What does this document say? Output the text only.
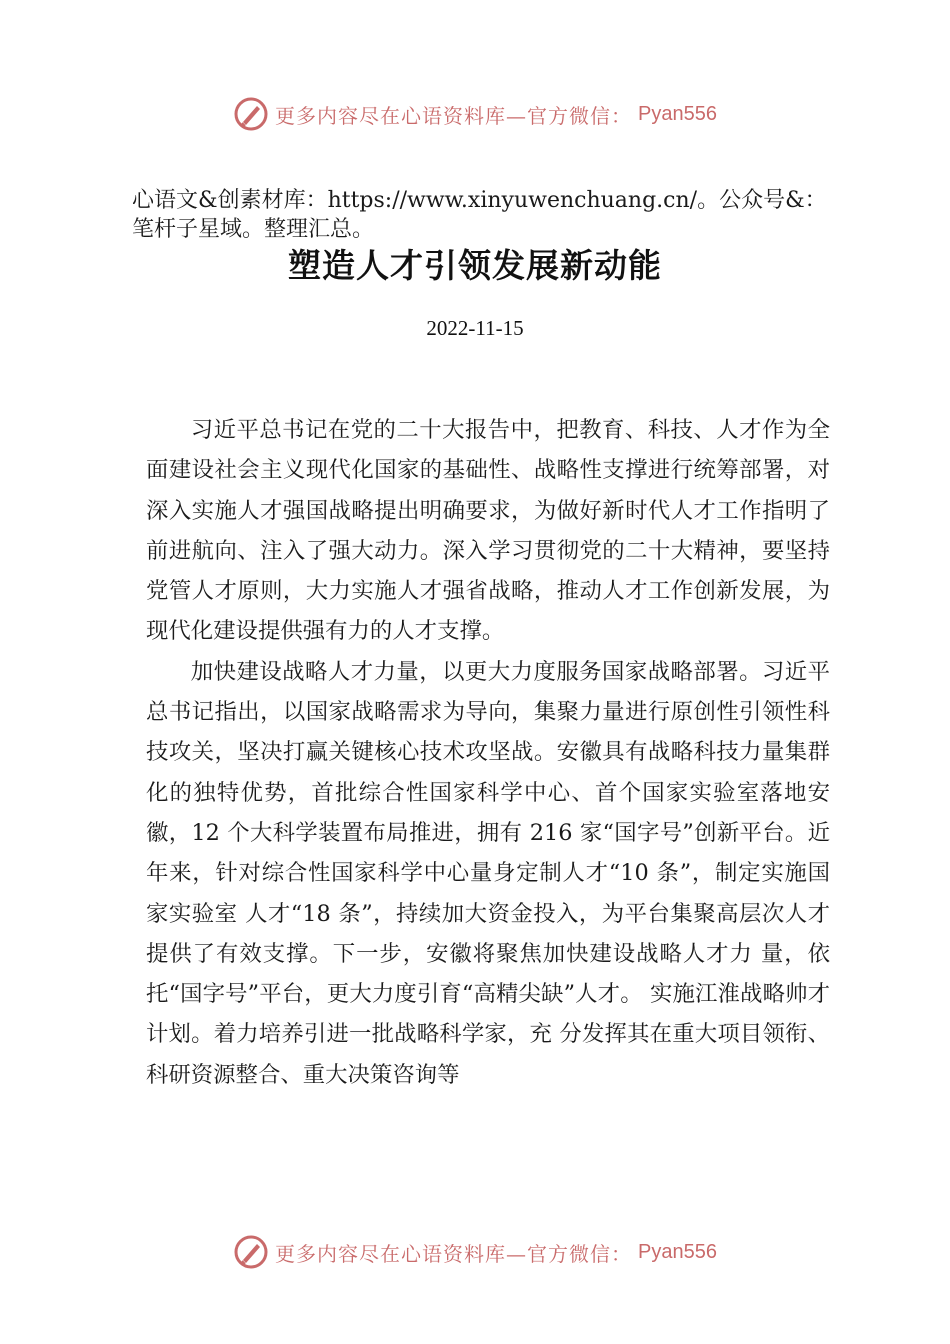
更多内容尽在心语资料库—官方微信： Pyan556
心语文&创素材库：https://www.xinyuwenchuang.cn/。公众号&：笔杆子星域。整理汇总。
塑造人才引领发展新动能
2022-11-15

习近平总书记在党的二十大报告中，把教育、科技、人才作为全面建设社会主义现代化国家的基础性、战略性支撑进行统筹部署，对深入实施人才强国战略提出明确要求，为做好新时代人才工作指明了前进航向、注入了强大动力。深入学习贯彻党的二十大精神，要坚持党管人才原则，大力实施人才强省战略，推动人才工作创新发展，为现代化建设提供强有力的人才支撑。

加快建设战略人才力量，以更大力度服务国家战略部署。习近平总书记指出，以国家战略需求为导向，集聚力量进行原创性引领性科技攻关，坚决打赢关键核心技术攻坚战。安徽具有战略科技力量集群化的独特优势，首批综合性国家科学中心、首个国家实验室落地安徽，12 个大科学装置布局推进，拥有 216 家“国字号”创新平台。近年来，针对综合性国家科学中心量身定制人才“10 条”，制定实施国家实验室 人才“18 条”，持续加大资金投入，为平台集聚高层次人才 提供了有效支撑。下一步，安徽将聚焦加快建设战略人才力 量，依托“国字号”平台，更大力度引育“高精尖缺”人才。 实施江淮战略帅才计划。着力培养引进一批战略科学家，充 分发挥其在重大项目领衔、科研资源整合、重大决策咨询等

更多内容尽在心语资料库—官方微信： Pyan556
